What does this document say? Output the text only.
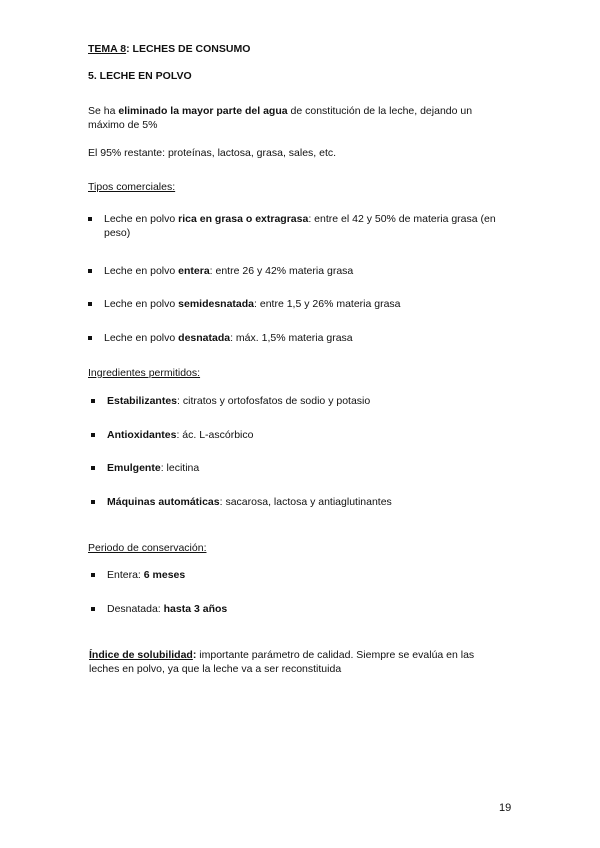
TEMA 8: LECHES DE CONSUMO
5. LECHE EN POLVO
Se ha eliminado la mayor parte del agua de constitución de la leche, dejando un
máximo de 5%
El 95% restante: proteínas, lactosa, grasa, sales, etc.
Tipos comerciales:
Leche en polvo rica en grasa o extragrasa: entre el 42 y 50% de materia grasa (en
peso)
Leche en polvo entera: entre 26 y 42% materia grasa
Leche en polvo semidesnatada: entre 1,5 y 26% materia grasa
Leche en polvo desnatada: máx. 1,5% materia grasa
Ingredientes permitidos:
Estabilizantes: citratos y ortofosfatos de sodio y potasio
Antioxidantes: ác. L-ascórbico
Emulgente: lecitina
Máquinas automáticas: sacarosa, lactosa y antiaglutinantes
Periodo de conservación:
Entera: 6 meses
Desnatada: hasta 3 años
Índice de solubilidad: importante parámetro de calidad. Siempre se evalúa en las
leches en polvo, ya que la leche va a ser reconstituida
19
